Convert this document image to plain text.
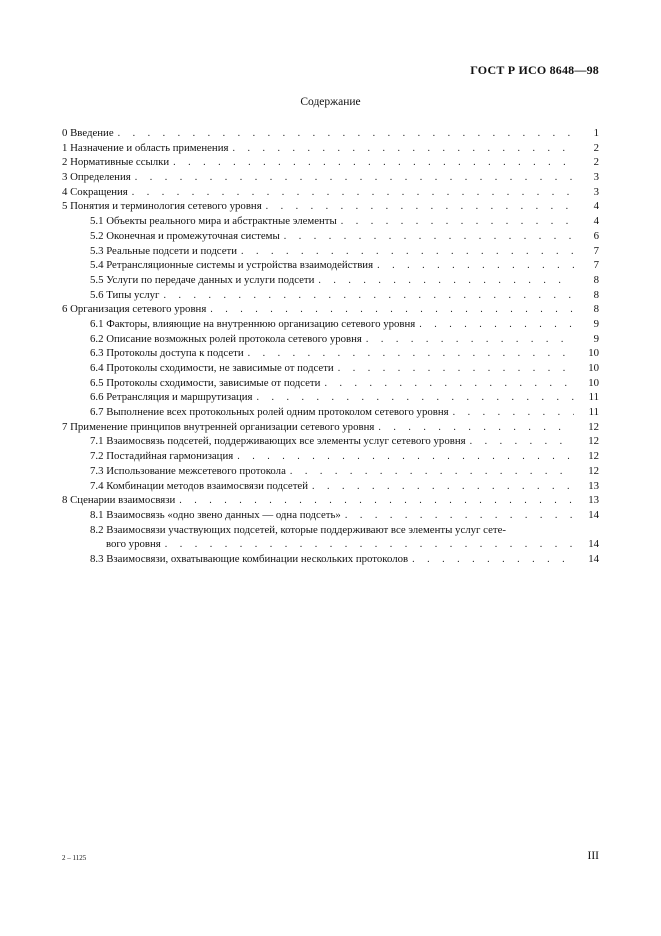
ГОСТ Р ИСО 8648—98
Содержание
0 Введение . . .	1
1 Назначение и область применения . . .	2
2 Нормативные ссылки . . .	2
3 Определения . . .	3
4 Сокращения . . .	3
5 Понятия и терминология сетевого уровня . . .	4
5.1 Объекты реального мира и абстрактные элементы . . .	4
5.2 Оконечная и промежуточная системы . . .	6
5.3 Реальные подсети и подсети . . .	7
5.4 Ретрансляционные системы и устройства взаимодействия . . .	7
5.5 Услуги по передаче данных и услуги подсети . . .	8
5.6 Типы услуг . . .	8
6 Организация сетевого уровня . . .	8
6.1 Факторы, влияющие на внутреннюю организацию сетевого уровня . . .	9
6.2 Описание возможных ролей протокола сетевого уровня . . .	9
6.3 Протоколы доступа к подсети . . .	10
6.4 Протоколы сходимости, не зависимые от подсети . . .	10
6.5 Протоколы сходимости, зависимые от подсети . . .	10
6.6 Ретрансляция и маршрутизация . . .	11
6.7 Выполнение всех протокольных ролей одним протоколом сетевого уровня . . .	11
7 Применение принципов внутренней организации сетевого уровня . . .	12
7.1 Взаимосвязь подсетей, поддерживающих все элементы услуг сетевого уровня . . .	12
7.2 Постадийная гармонизация . . .	12
7.3 Использование межсетевого протокола . . .	12
7.4 Комбинации методов взаимосвязи подсетей . . .	13
8 Сценарии взаимосвязи . . .	13
8.1 Взаимосвязь «одно звено данных — одна подсеть» . . .	14
8.2 Взаимосвязи участвующих подсетей, которые поддерживают все элементы услуг сете-
вого уровня . . .	14
8.3 Взаимосвязи, охватывающие комбинации нескольких протоколов . . .	14
2 – 1125	III
